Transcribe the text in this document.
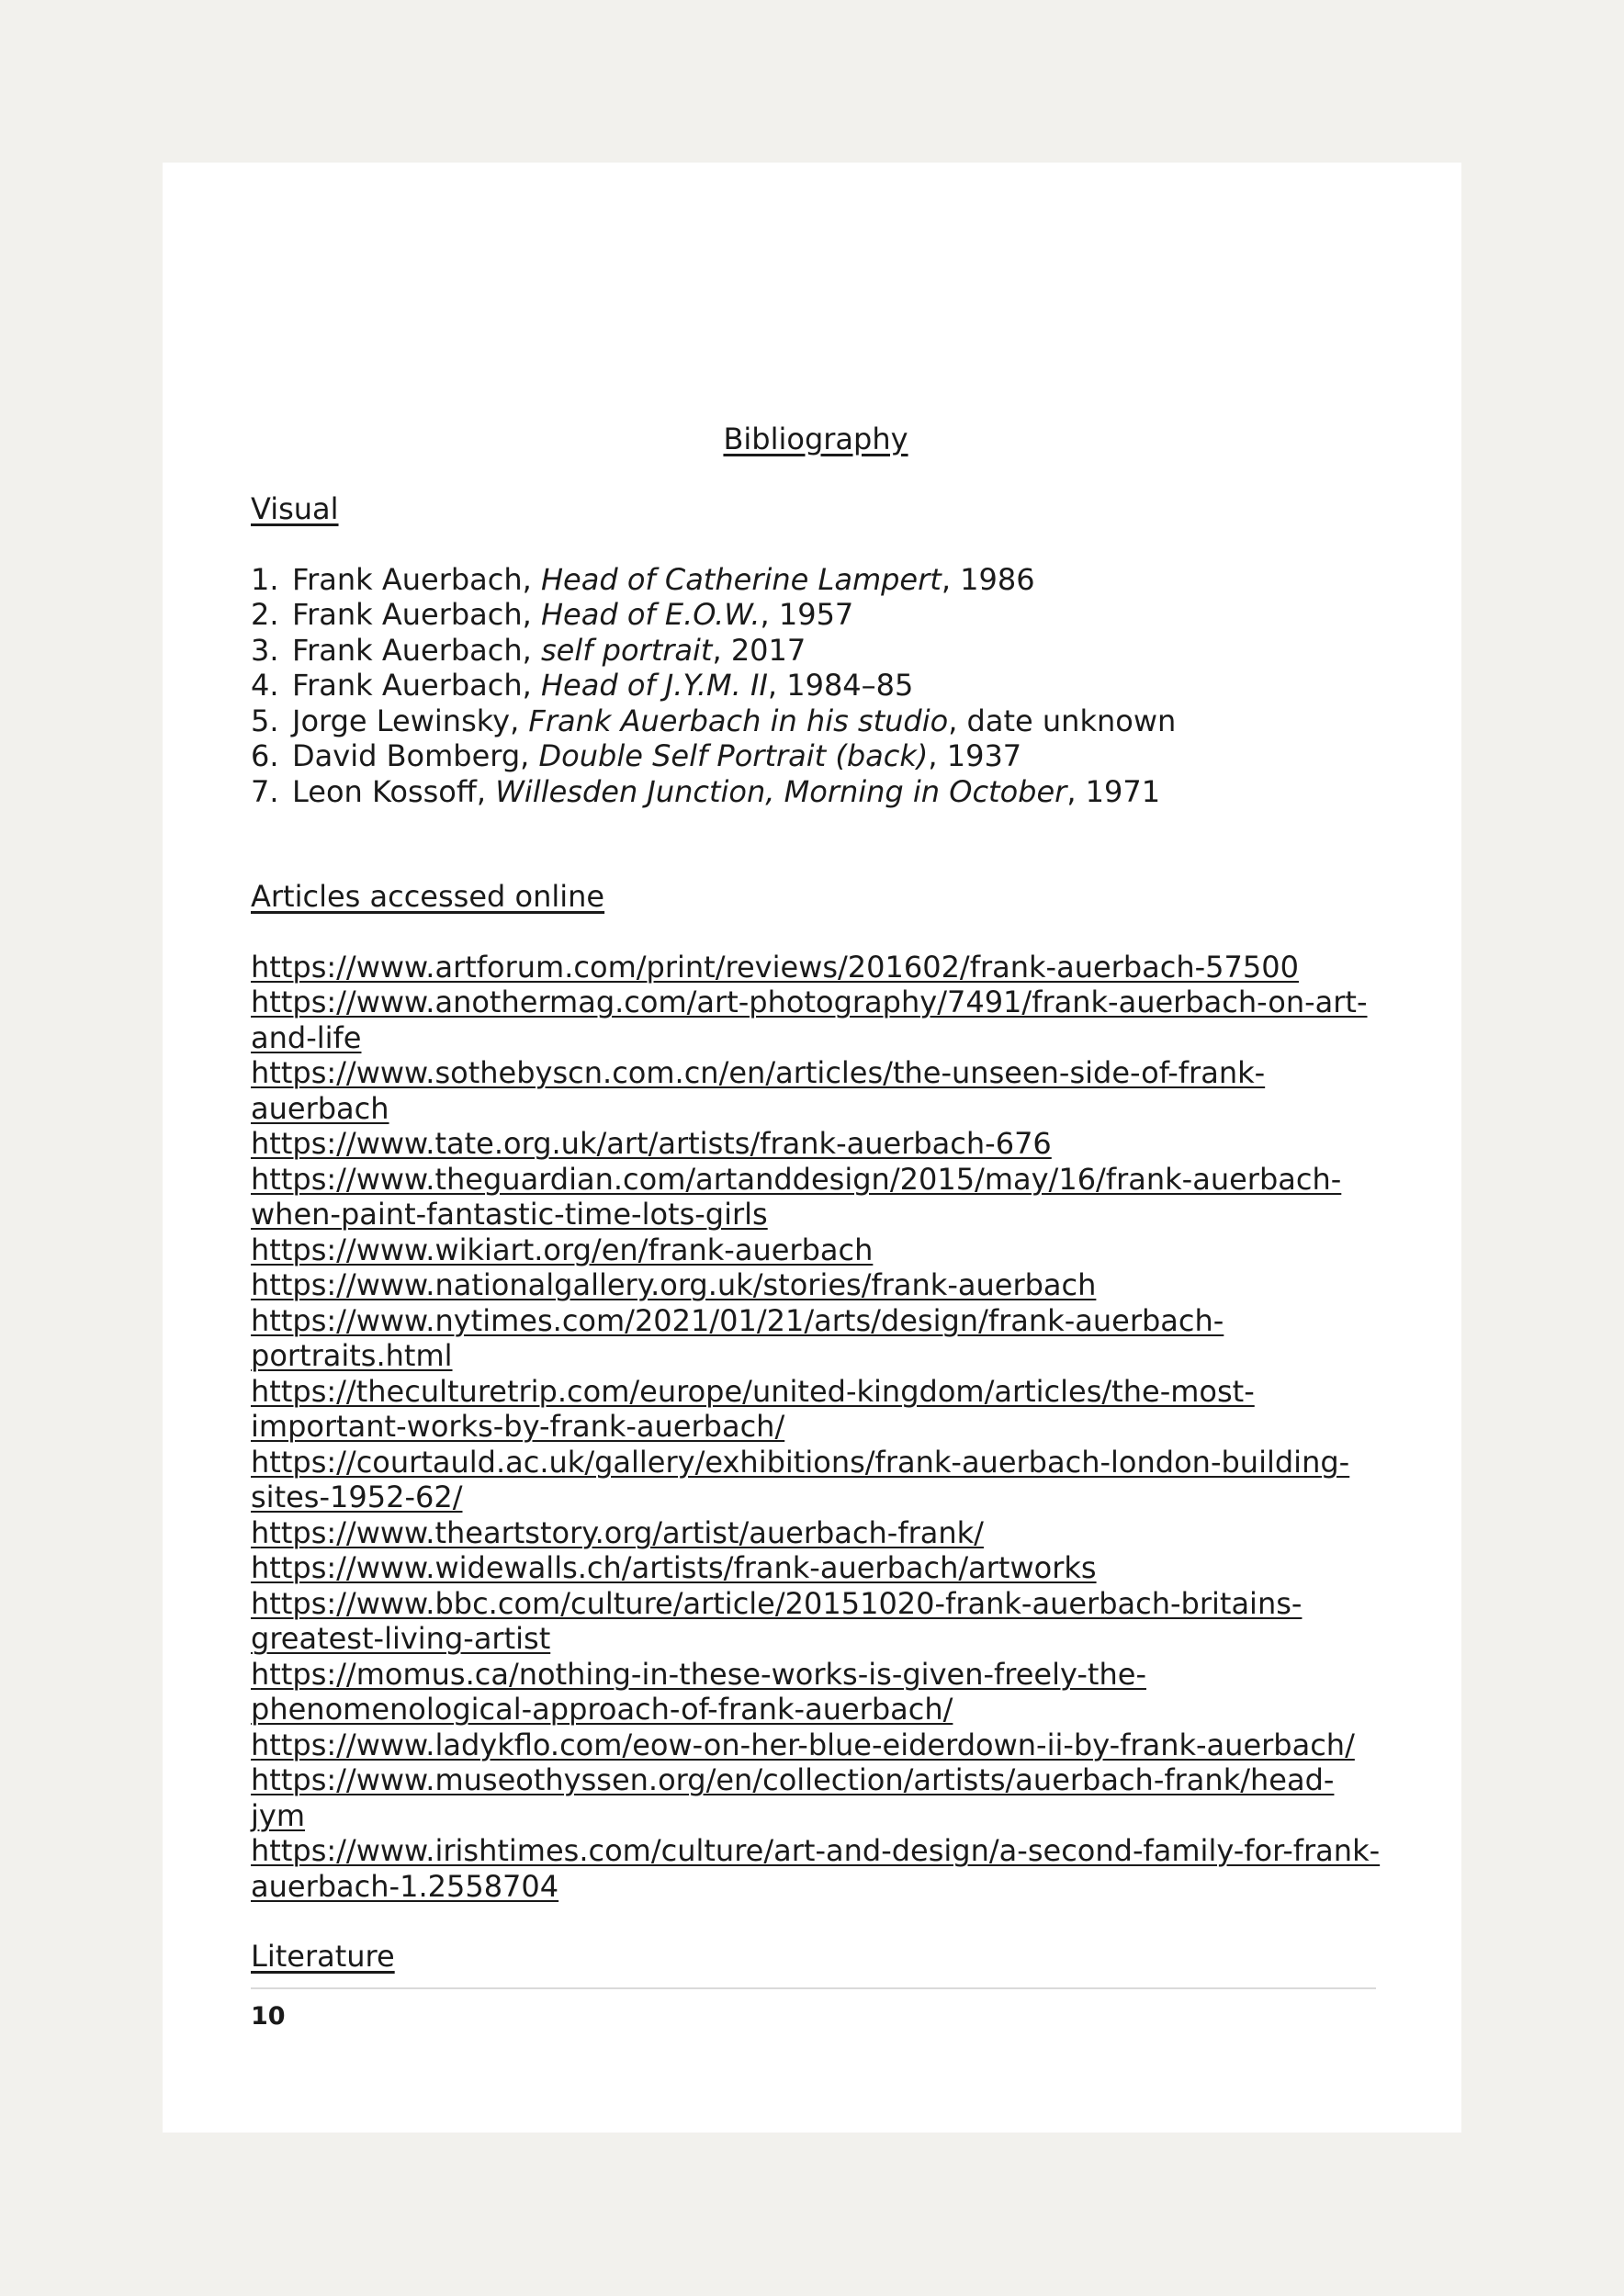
Bibliography

Visual

1. Frank Auerbach, Head of Catherine Lampert, 1986
2. Frank Auerbach, Head of E.O.W., 1957
3. Frank Auerbach, self portrait, 2017
4. Frank Auerbach, Head of J.Y.M. II, 1984–85
5. Jorge Lewinsky, Frank Auerbach in his studio, date unknown
6. David Bomberg, Double Self Portrait (back), 1937
7. Leon Kossoff, Willesden Junction, Morning in October, 1971

Articles accessed online

https://www.artforum.com/print/reviews/201602/frank-auerbach-57500
https://www.anothermag.com/art-photography/7491/frank-auerbach-on-art-and-life
https://www.sothebyscn.com.cn/en/articles/the-unseen-side-of-frank-auerbach
https://www.tate.org.uk/art/artists/frank-auerbach-676
https://www.theguardian.com/artanddesign/2015/may/16/frank-auerbach-when-paint-fantastic-time-lots-girls
https://www.wikiart.org/en/frank-auerbach
https://www.nationalgallery.org.uk/stories/frank-auerbach
https://www.nytimes.com/2021/01/21/arts/design/frank-auerbach-portraits.html
https://theculturetrip.com/europe/united-kingdom/articles/the-most-important-works-by-frank-auerbach/
https://courtauld.ac.uk/gallery/exhibitions/frank-auerbach-london-building-sites-1952-62/
https://www.theartstory.org/artist/auerbach-frank/
https://www.widewalls.ch/artists/frank-auerbach/artworks
https://www.bbc.com/culture/article/20151020-frank-auerbach-britains-greatest-living-artist
https://momus.ca/nothing-in-these-works-is-given-freely-the-phenomenological-approach-of-frank-auerbach/
https://www.ladykflo.com/eow-on-her-blue-eiderdown-ii-by-frank-auerbach/
https://www.museothyssen.org/en/collection/artists/auerbach-frank/head-jym
https://www.irishtimes.com/culture/art-and-design/a-second-family-for-frank-auerbach-1.2558704

Literature

10
